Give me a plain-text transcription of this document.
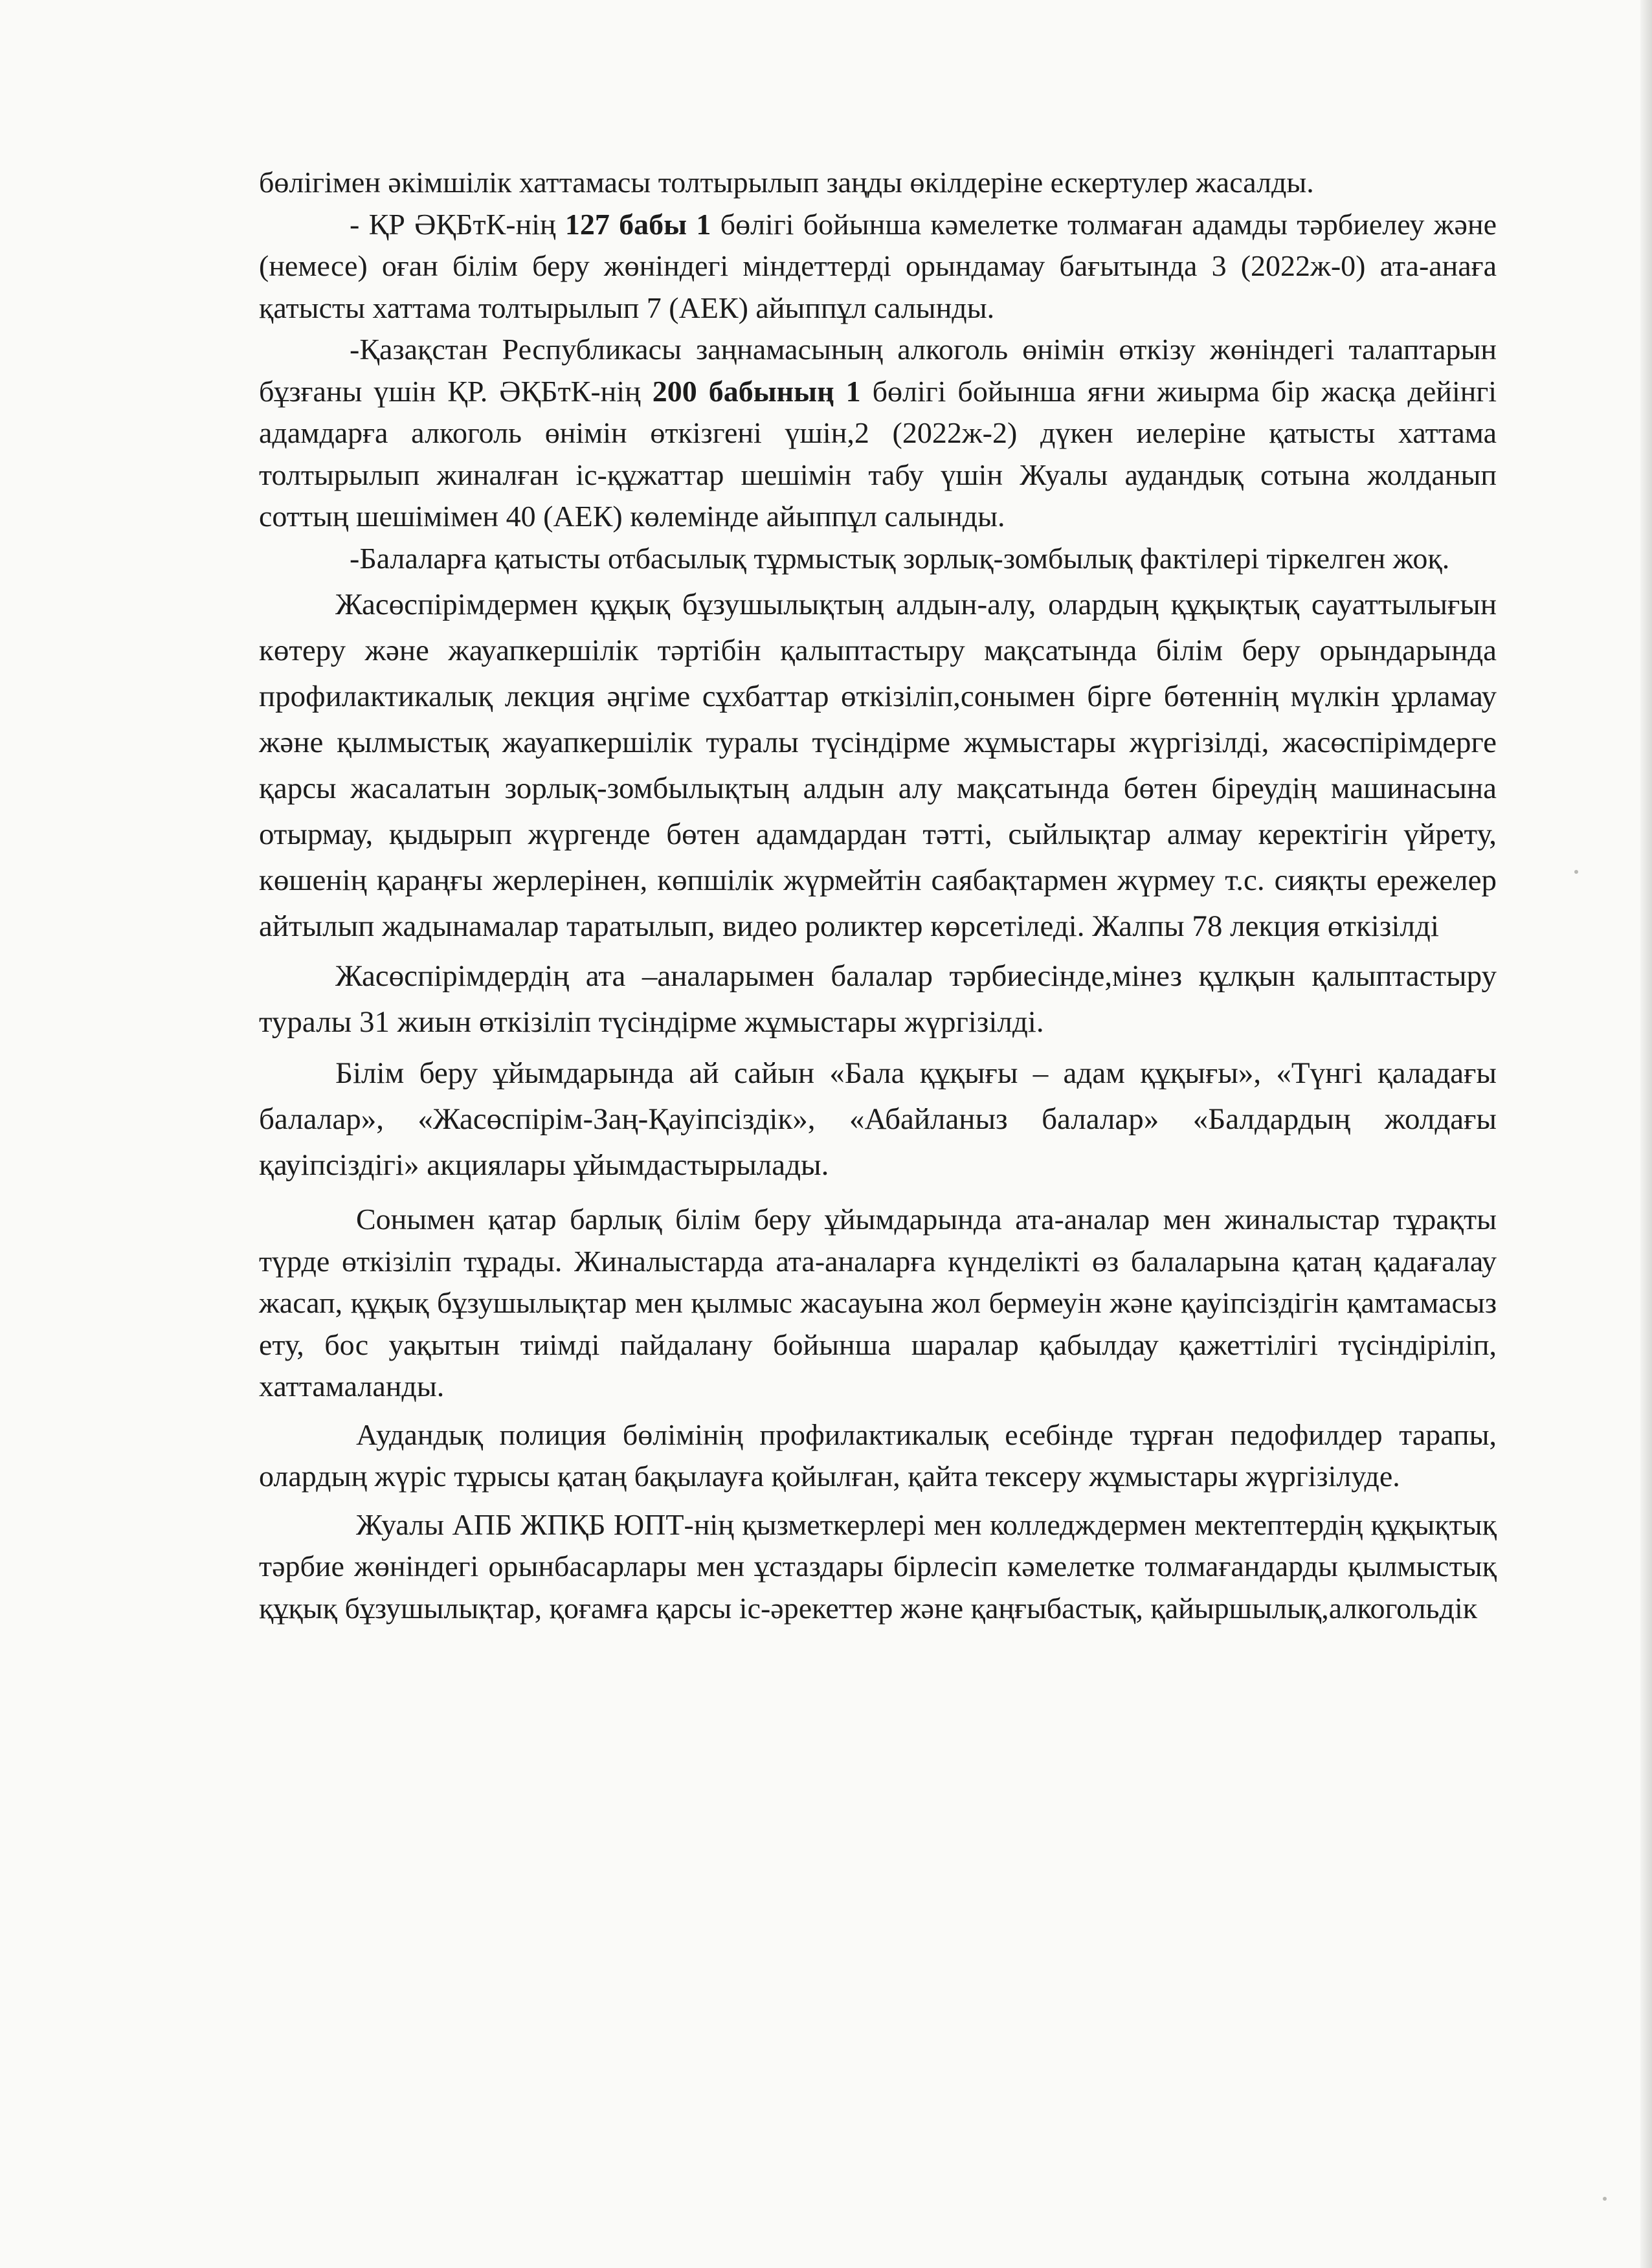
бөлігімен әкімшілік хаттамасы толтырылып заңды өкілдеріне ескертулер жасалды.

- ҚР ӘҚБтК-нің 127 бабы 1 бөлігі бойынша кәмелетке толмаған адамды тәрбиелеу және (немесе) оған білім беру жөніндегі міндеттерді орындамау бағытында 3 (2022ж-0) ата-анаға қатысты хаттама толтырылып 7 (АЕК) айыппұл салынды.

-Қазақстан Республикасы заңнамасының алкоголь өнімін өткізу жөніндегі талаптарын бұзғаны үшін ҚР. ӘҚБтК-нің 200 бабының 1 бөлігі бойынша яғни жиырма бір жасқа дейінгі адамдарға алкоголь өнімін өткізгені үшін,2 (2022ж-2) дүкен иелеріне қатысты хаттама толтырылып жиналған іс-құжаттар шешімін табу үшін Жуалы аудандық сотына жолданып соттың шешімімен 40 (АЕК) көлемінде айыппұл салынды.

-Балаларға қатысты отбасылық тұрмыстық зорлық-зомбылық фактілері тіркелген жоқ.

Жасөспірімдермен құқық бұзушылықтың алдын-алу, олардың құқықтық сауаттылығын көтеру және жауапкершілік тәртібін қалыптастыру мақсатында білім беру орындарында профилактикалық лекция әңгіме сұхбаттар өткізіліп,сонымен бірге бөтеннің мүлкін ұрламау және қылмыстық жауапкершілік туралы түсіндірме жұмыстары жүргізілді, жасөспірімдерге қарсы жасалатын зорлық-зомбылықтың алдын алу мақсатында бөтен біреудің машинасына отырмау, қыдырып жүргенде бөтен адамдардан тәтті, сыйлықтар алмау керектігін үйрету, көшенің қараңғы жерлерінен, көпшілік жүрмейтін саябақтармен жүрмеу т.с. сияқты ережелер айтылып жадынамалар таратылып, видео роликтер көрсетіледі. Жалпы 78 лекция өткізілді

Жасөспірімдердің ата –аналарымен балалар тәрбиесінде,мінез құлқын қалыптастыру туралы 31 жиын өткізіліп түсіндірме жұмыстары жүргізілді.

Білім беру ұйымдарында ай сайын «Бала құқығы – адам құқығы», «Түнгі қаладағы балалар», «Жасөспірім-Заң-Қауіпсіздік», «Абайланыз балалар» «Балдардың жолдағы қауіпсіздігі» акциялары ұйымдастырылады.

Сонымен қатар барлық білім беру ұйымдарында ата-аналар мен жиналыстар тұрақты түрде өткізіліп тұрады. Жиналыстарда ата-аналарға күнделікті өз балаларына қатаң қадағалау жасап, құқық бұзушылықтар мен қылмыс жасауына жол бермеуін және қауіпсіздігін қамтамасыз ету, бос уақытын тиімді пайдалану бойынша шаралар қабылдау қажеттілігі түсіндіріліп, хаттамаланды.

Аудандық полиция бөлімінің профилактикалық есебінде тұрған педофилдер тарапы, олардың жүріс тұрысы қатаң бақылауға қойылған, қайта тексеру жұмыстары жүргізілуде.

Жуалы АПБ ЖПҚБ ЮПТ-нің қызметкерлері мен колледждермен мектептердің құқықтық тәрбие жөніндегі орынбасарлары мен ұстаздары бірлесіп кәмелетке толмағандарды қылмыстық құқық бұзушылықтар, қоғамға қарсы іс-әрекеттер және қаңғыбастық, қайыршылық,алкогольдік
